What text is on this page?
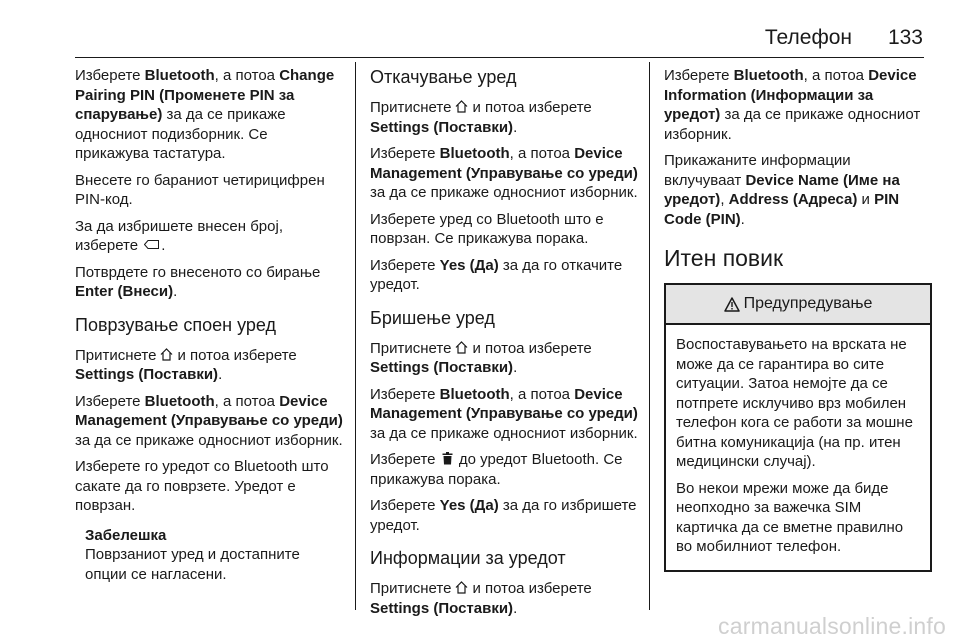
Телефон 133

Изберете Bluetooth, а потоа Change Pairing PIN (Променете PIN за спарување) за да се прикаже односниот подизборник. Се прикажува тастатура.

Внесете го бараниот четирицифрен PIN-код.

За да избришете внесен број, изберете .

Потврдете го внесеното со бирање Enter (Внеси).

Поврзување споен уред

Притиснете и потоа изберете Settings (Поставки).

Изберете Bluetooth, а потоа Device Management (Управување со уреди) за да се прикаже односниот изборник.

Изберете го уредот со Bluetooth што сакате да го поврзете. Уредот е поврзан.

Забелешка
Поврзаниот уред и достапните опции се нагласени.
Откачување уред

Притиснете и потоа изберете Settings (Поставки).

Изберете Bluetooth, а потоа Device Management (Управување со уреди) за да се прикаже односниот изборник.

Изберете уред со Bluetooth што е поврзан. Се прикажува порака.

Изберете Yes (Да) за да го откачите уредот.

Бришење уред

Притиснете и потоа изберете Settings (Поставки).

Изберете Bluetooth, а потоа Device Management (Управување со уреди) за да се прикаже односниот изборник.

Изберете до уредот Bluetooth. Се прикажува порака.

Изберете Yes (Да) за да го избришете уредот.

Информации за уредот

Притиснете и потоа изберете Settings (Поставки).

Изберете Bluetooth, а потоа Device Information (Информации за уредот) за да се прикаже односниот изборник.

Прикажаните информации вклучуваат Device Name (Име на уредот), Address (Адреса) и PIN Code (PIN).

Итен повик
Предупредување

Воспоставувањето на врската не може да се гарантира во сите ситуации. Затоа немојте да се потпрете исклучиво врз мобилен телефон кога се работи за мошне битна комуникација (на пр. итен медицински случај).

Во некои мрежи може да биде неопходно за важечка SIM картичка да се вметне правилно во мобилниот телефон.

carmanualsonline.info
